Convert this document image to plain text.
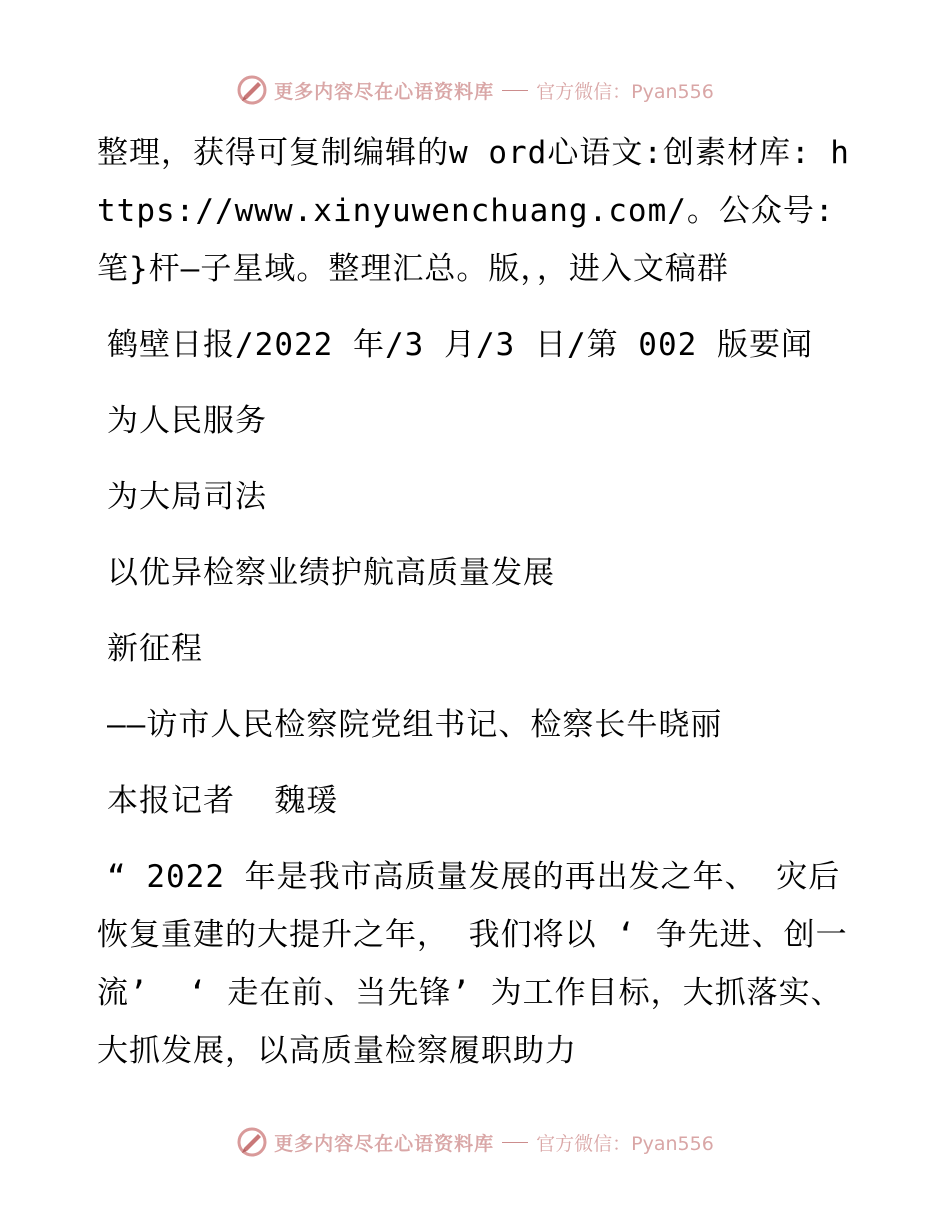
更多内容尽在心语资料库 官方微信：Pyan556

整理，获得可复制编辑的w ord心语文:创素材库: https://www.xinyuwenchuang.com/。公众号: 笔}杆—子星域。整理汇总。版，，进入文稿群

鹤壁日报/2022 年/3 月/3 日/第 002 版要闻

为人民服务

为大局司法

以优异检察业绩护航高质量发展

新征程

——访市人民检察院党组书记、检察长牛晓丽

本报记者  魏瑗

“ 2022 年是我市高质量发展的再出发之年、 灾后恢复重建的大提升之年， 我们将以 ‘ 争先进、创一流’  ‘ 走在前、当先锋’ 为工作目标，大抓落实、大抓发展，以高质量检察履职助力

更多内容尽在心语资料库 官方微信：Pyan556
